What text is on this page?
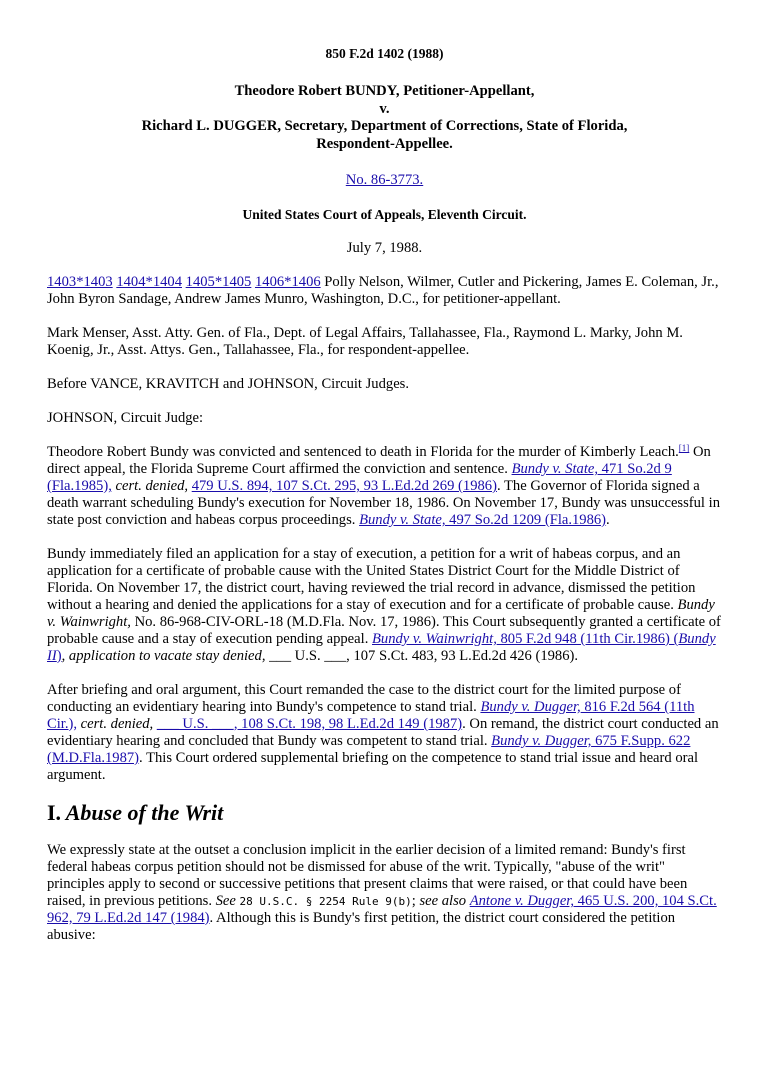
850 F.2d 1402 (1988)
Theodore Robert BUNDY, Petitioner-Appellant,
v.
Richard L. DUGGER, Secretary, Department of Corrections, State of Florida,
Respondent-Appellee.
No. 86-3773.
United States Court of Appeals, Eleventh Circuit.
July 7, 1988.

1403*1403 1404*1404 1405*1405 1406*1406 Polly Nelson, Wilmer, Cutler and Pickering, James E. Coleman, Jr., John Byron Sandage, Andrew James Munro, Washington, D.C., for petitioner-appellant.

Mark Menser, Asst. Atty. Gen. of Fla., Dept. of Legal Affairs, Tallahassee, Fla., Raymond L. Marky, John M. Koenig, Jr., Asst. Attys. Gen., Tallahassee, Fla., for respondent-appellee.

Before VANCE, KRAVITCH and JOHNSON, Circuit Judges.

JOHNSON, Circuit Judge:

Theodore Robert Bundy was convicted and sentenced to death in Florida for the murder of Kimberly Leach.[1] On direct appeal, the Florida Supreme Court affirmed the conviction and sentence. Bundy v. State, 471 So.2d 9 (Fla.1985), cert. denied, 479 U.S. 894, 107 S.Ct. 295, 93 L.Ed.2d 269 (1986). The Governor of Florida signed a death warrant scheduling Bundy's execution for November 18, 1986. On November 17, Bundy was unsuccessful in state post conviction and habeas corpus proceedings. Bundy v. State, 497 So.2d 1209 (Fla.1986).

Bundy immediately filed an application for a stay of execution, a petition for a writ of habeas corpus, and an application for a certificate of probable cause with the United States District Court for the Middle District of Florida. On November 17, the district court, having reviewed the trial record in advance, dismissed the petition without a hearing and denied the applications for a stay of execution and for a certificate of probable cause. Bundy v. Wainwright, No. 86-968-CIV-ORL-18 (M.D.Fla. Nov. 17, 1986). This Court subsequently granted a certificate of probable cause and a stay of execution pending appeal. Bundy v. Wainwright, 805 F.2d 948 (11th Cir.1986) (Bundy II), application to vacate stay denied, ___ U.S. ___, 107 S.Ct. 483, 93 L.Ed.2d 426 (1986).

After briefing and oral argument, this Court remanded the case to the district court for the limited purpose of conducting an evidentiary hearing into Bundy's competence to stand trial. Bundy v. Dugger, 816 F.2d 564 (11th Cir.), cert. denied, ___ U.S. ___, 108 S.Ct. 198, 98 L.Ed.2d 149 (1987). On remand, the district court conducted an evidentiary hearing and concluded that Bundy was competent to stand trial. Bundy v. Dugger, 675 F.Supp. 622 (M.D.Fla.1987). This Court ordered supplemental briefing on the competence to stand trial issue and heard oral argument.

I. Abuse of the Writ

We expressly state at the outset a conclusion implicit in the earlier decision of a limited remand: Bundy's first federal habeas corpus petition should not be dismissed for abuse of the writ. Typically, "abuse of the writ" principles apply to second or successive petitions that present claims that were raised, or that could have been raised, in previous petitions. See 28 U.S.C. § 2254 Rule 9(b); see also Antone v. Dugger, 465 U.S. 200, 104 S.Ct. 962, 79 L.Ed.2d 147 (1984). Although this is Bundy's first petition, the district court considered the petition abusive:
